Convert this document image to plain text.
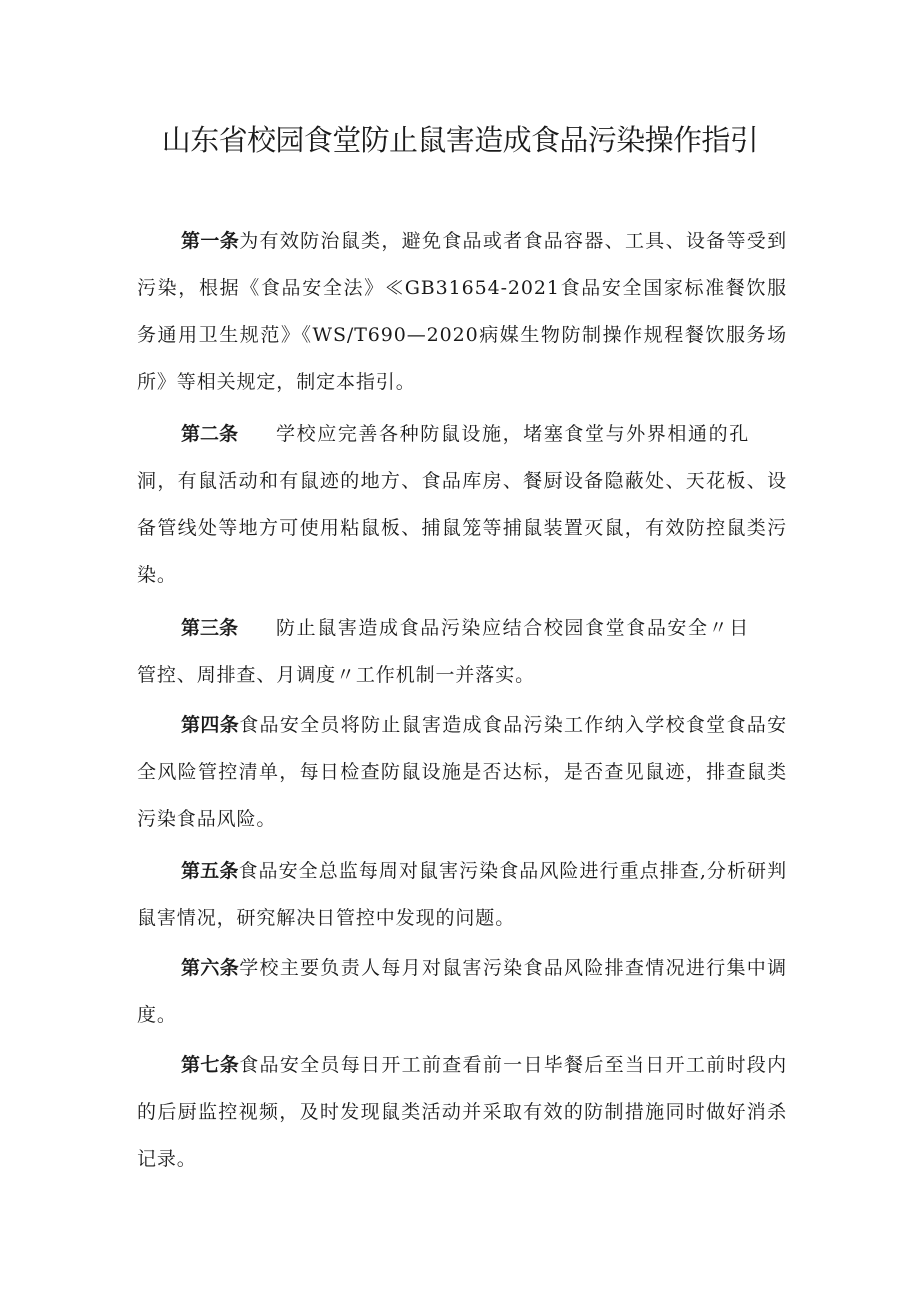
山东省校园食堂防止鼠害造成食品污染操作指引

第一条为有效防治鼠类，避免食品或者食品容器、工具、设备等受到污染，根据《食品安全法》≪GB31654-2021食品安全国家标准餐饮服务通用卫生规范》《WS/T690—2020病媒生物防制操作规程餐饮服务场所》等相关规定，制定本指引。

第二条 学校应完善各种防鼠设施，堵塞食堂与外界相通的孔
洞，有鼠活动和有鼠迹的地方、食品库房、餐厨设备隐蔽处、天花板、设备管线处等地方可使用粘鼠板、捕鼠笼等捕鼠装置灭鼠，有效防控鼠类污染。

第三条 防止鼠害造成食品污染应结合校园食堂食品安全〃日
管控、周排查、月调度〃工作机制一并落实。

第四条食品安全员将防止鼠害造成食品污染工作纳入学校食堂食品安全风险管控清单，每日检查防鼠设施是否达标，是否查见鼠迹，排查鼠类污染食品风险。

第五条食品安全总监每周对鼠害污染食品风险进行重点排查,分析研判鼠害情况，研究解决日管控中发现的问题。

第六条学校主要负责人每月对鼠害污染食品风险排查情况进行集中调度。

第七条食品安全员每日开工前查看前一日毕餐后至当日开工前时段内的后厨监控视频，及时发现鼠类活动并采取有效的防制措施同时做好消杀记录。
